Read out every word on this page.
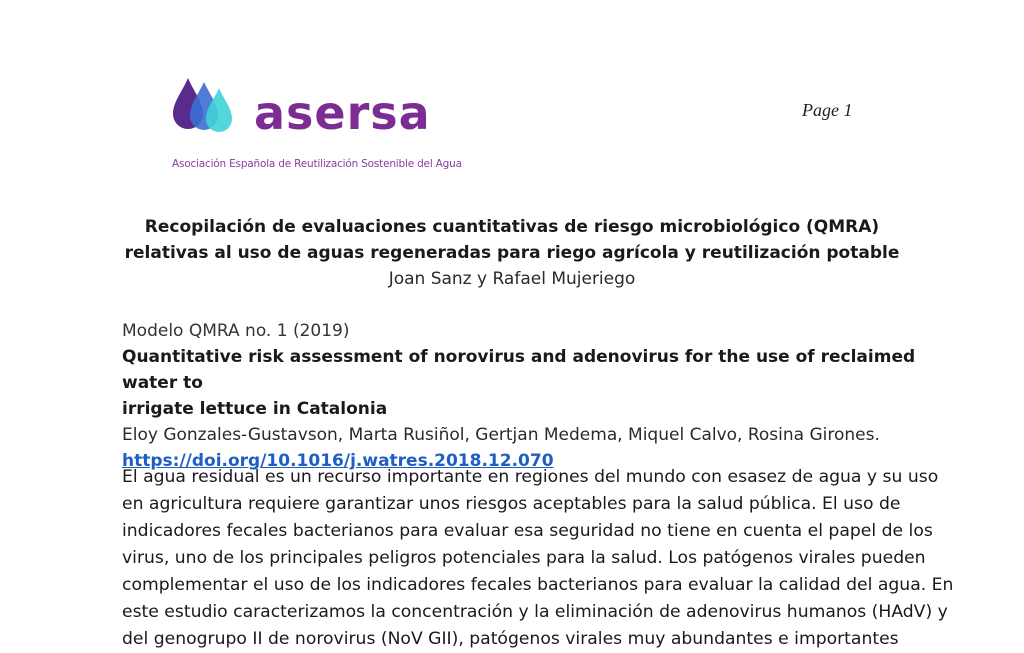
asersa
Asociación Española de Reutilización Sostenible del Agua
Page 1

Recopilación de evaluaciones cuantitativas de riesgo microbiológico (QMRA)

relativas al uso de aguas regeneradas para riego agrícola y reutilización potable

Joan Sanz y Rafael Mujeriego
Modelo QMRA no. 1 (2019)

Quantitative risk assessment of norovirus and adenovirus for the use of reclaimed water to

irrigate lettuce in Catalonia

Eloy Gonzales-Gustavson, Marta Rusiñol, Gertjan Medema, Miquel Calvo, Rosina Girones.
https://doi.org/10.1016/j.watres.2018.12.070
El agua residual es un recurso importante en regiones del mundo con esasez de agua y su uso
en agricultura requiere garantizar unos riesgos aceptables para la salud pública. El uso de
indicadores fecales bacterianos para evaluar esa seguridad no tiene en cuenta el papel de los
virus, uno de los principales peligros potenciales para la salud. Los patógenos virales pueden
complementar el uso de los indicadores fecales bacterianos para evaluar la calidad del agua. En
este estudio caracterizamos la concentración y la eliminación de adenovirus humanos (HAdV) y
del genogrupo II de norovirus (NoV GII), patógenos virales muy abundantes e importantes
